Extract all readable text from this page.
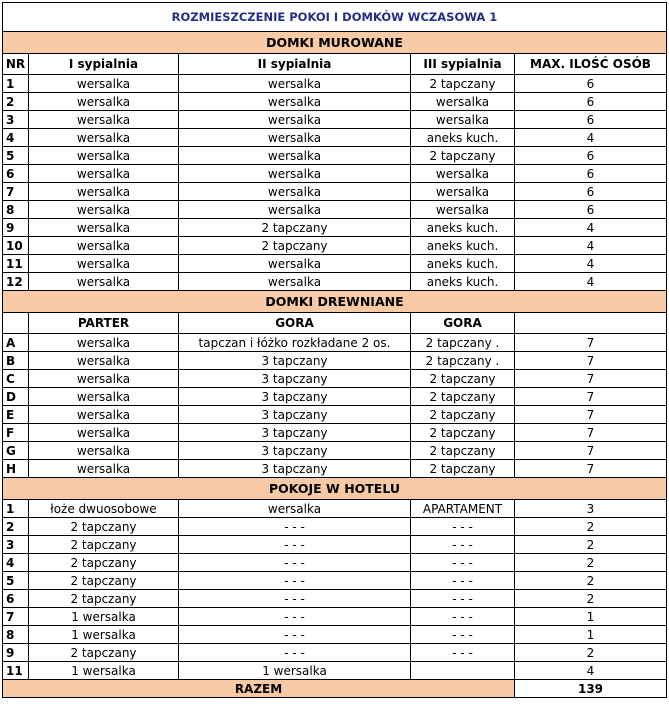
ROZMIESZCZENIE POKOI I DOMKÓW WCZASOWA 1				
DOMKI MUROWANE				
NR	I sypialnia	II sypialnia	III sypialnia	MAX. ILOŚĆ OSÓB
1	wersalka	wersalka	2 tapczany	6
2	wersalka	wersalka	wersalka	6
3	wersalka	wersalka	wersalka	6
4	wersalka	wersalka	aneks kuch.	4
5	wersalka	wersalka	2 tapczany	6
6	wersalka	wersalka	wersalka	6
7	wersalka	wersalka	wersalka	6
8	wersalka	wersalka	wersalka	6
9	wersalka	2 tapczany	aneks kuch.	4
10	wersalka	2 tapczany	aneks kuch.	4
11	wersalka	wersalka	aneks kuch.	4
12	wersalka	wersalka	aneks kuch.	4
DOMKI DREWNIANE				
	PARTER	GORA	GORA	
A	wersalka	tapczan i łóżko rozkładane 2 os.	2 tapczany .	7
B	wersalka	3 tapczany	2 tapczany .	7
C	wersalka	3 tapczany	2 tapczany	7
D	wersalka	3 tapczany	2 tapczany	7
E	wersalka	3 tapczany	2 tapczany	7
F	wersalka	3 tapczany	2 tapczany	7
G	wersalka	3 tapczany	2 tapczany	7
H	wersalka	3 tapczany	2 tapczany	7
POKOJE W HOTELU				
1	łoże dwuosobowe	wersalka	APARTAMENT	3
2	2 tapczany	- - -	- - -	2
3	2 tapczany	- - -	- - -	2
4	2 tapczany	- - -	- - -	2
5	2 tapczany	- - -	- - -	2
6	2 tapczany	- - -	- - -	2
7	1 wersalka	- - -	- - -	1
8	1 wersalka	- - -	- - -	1
9	2 tapczany	- - -	- - -	2
11	1 wersalka	1 wersalka		4
RAZEM				139
